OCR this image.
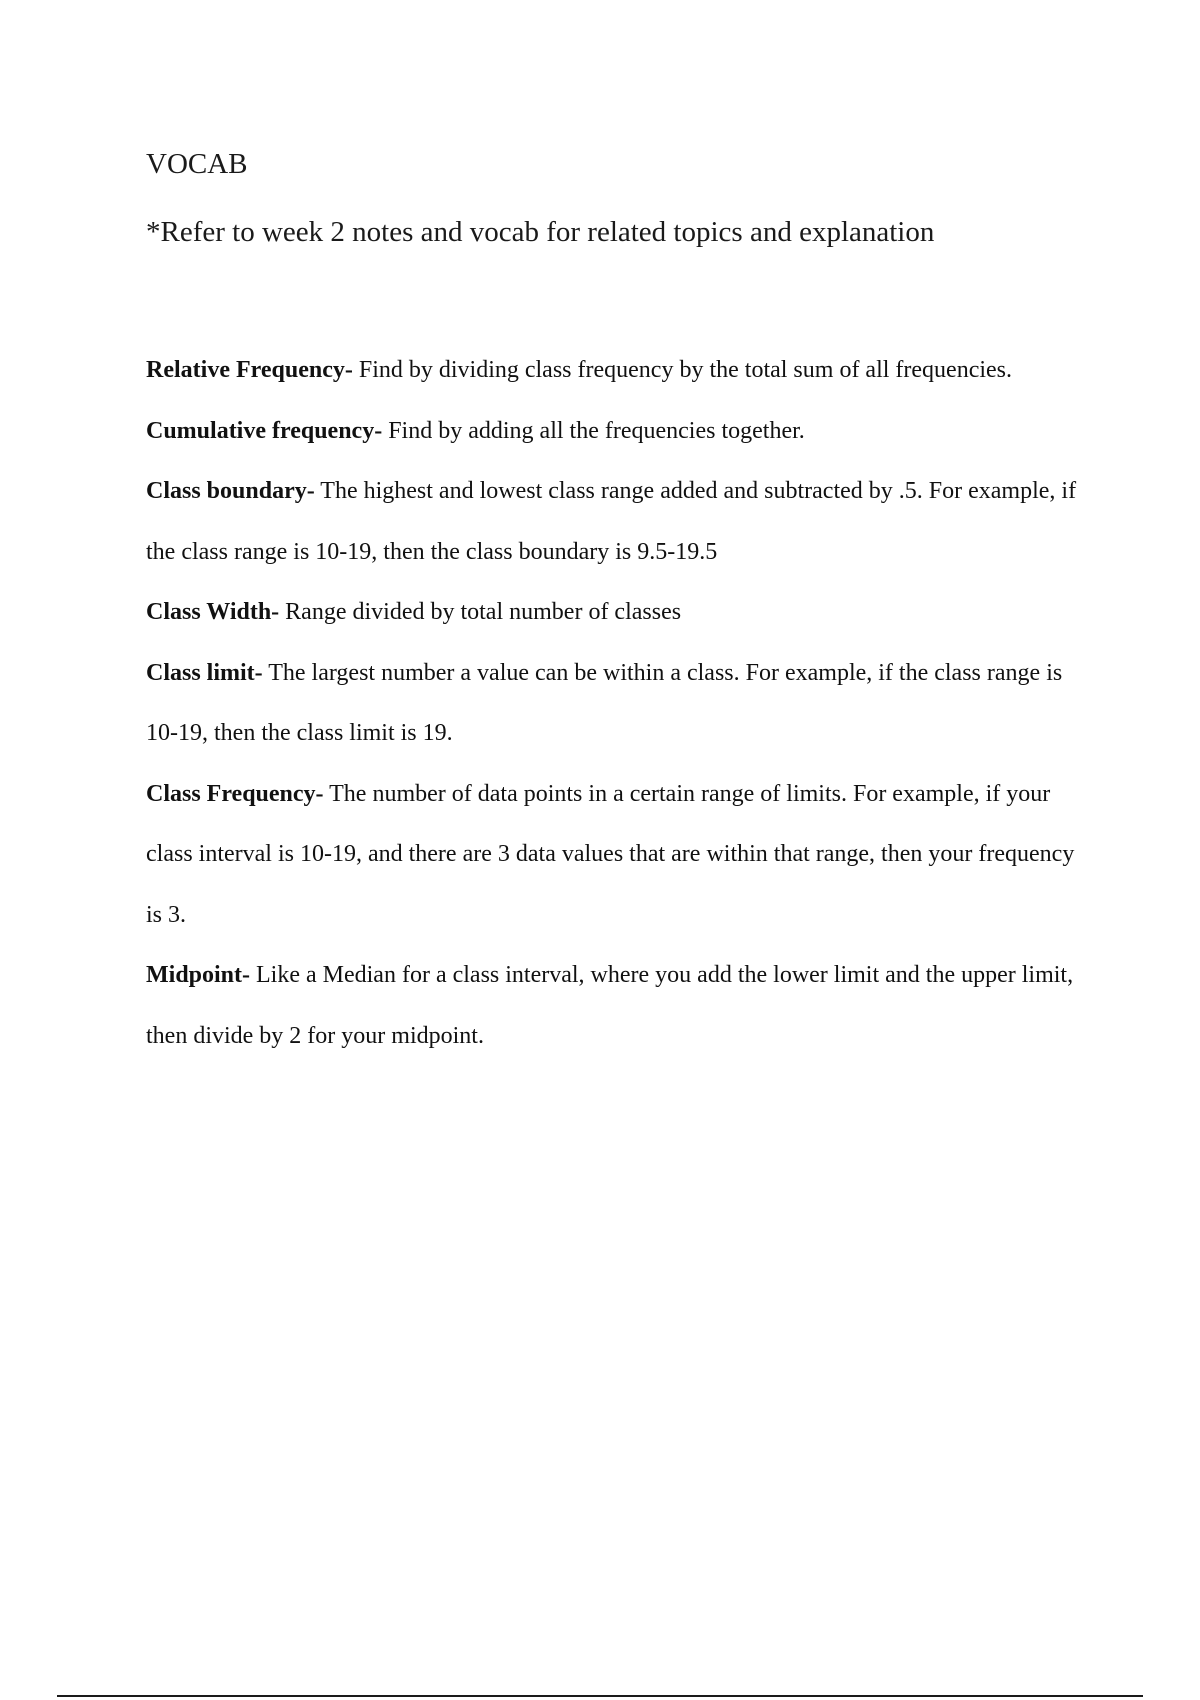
VOCAB

*Refer to week 2 notes and vocab for related topics and explanation

Relative Frequency- Find by dividing class frequency by the total sum of all frequencies.

Cumulative frequency- Find by adding all the frequencies together.

Class boundary- The highest and lowest class range added and subtracted by .5. For example, if the class range is 10-19, then the class boundary is 9.5-19.5

Class Width- Range divided by total number of classes

Class limit- The largest number a value can be within a class. For example, if the class range is 10-19, then the class limit is 19.

Class Frequency- The number of data points in a certain range of limits. For example, if your class interval is 10-19, and there are 3 data values that are within that range, then your frequency is 3.

Midpoint- Like a Median for a class interval, where you add the lower limit and the upper limit, then divide by 2 for your midpoint.
